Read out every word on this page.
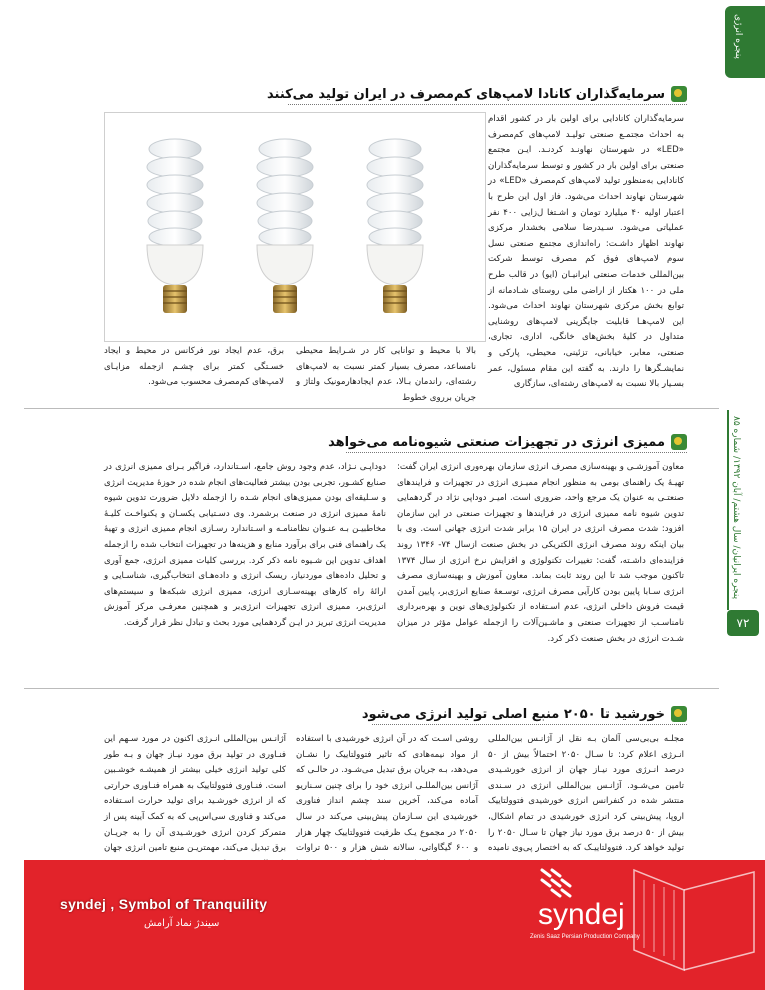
پنجره انرژی
پنجره ایرانیان/ سال هشتم/ آبان ۱۳۹۲/ شماره ۸۵
۷۲
سرمایه‌گذاران کانادا لامپ‌های کم‌مصرف در ایران تولید می‌کنند
سرمایه‌گذاران کانادایی برای اولین بار در کشور اقدام به احداث مجتمـع صنعتی تولیـد لامپ‌های کم‌مصرف «LED» در شهرستان نهاونـد کردنـد. ایـن مجتمع صنعتی برای اولین بار در کشور و توسط سرمایه‌گذاران کانادایی به‌منظور تولید لامپ‌های کم‌مصرف «LED» در شهرستان نهاوند احداث می‌شود. فاز اول این طرح با اعتبار اولیه ۴۰ میلیارد تومان و اشـتغا ل‌زایی ۴۰۰ نفر عملیاتی می‌شود. سـیدرضا سلامی بخشدار مرکزی نهاوند اظهار داشـت: راه‌اندازی مجتمع صنعتی نسل سوم لامپ‌های فوق کم مصرف توسط شرکت بین‌المللی خدمات صنعتی ایرانیـان (ایو) در قالب طرح ملی در ۱۰۰ هکتار از اراضی ملی روستای شـادمانه از توابع بخش مرکزی شهرستان نهاوند احداث می‌شود. این لامپ‌هـا قابلیت جایگزینی لامپ‌های روشنایی متداول در کلیهٔ بخش‌های خانگی، اداری، تجاری، صنعتی، معابر، خیابانی، تزئینی، محیطی، پارکی و نمایشـگرها را دارند. به گفته این مقام مسئول، عمر بسـیار بالا نسبت به لامپ‌های رشته‌ای، سازگاری
بالا با محیط و توانایی کار در شـرایط محیطی نامساعد، مصرف بسیار کمتر نسبت به لامپ‌های رشته‌ای، راندمان بـالا، عدم ایجادهارمونیک ولتاژ و جریان برروی خطوط
برق، عدم ایجاد نور فرکانس در محیط و ایجاد خسـتگی کمتر برای چشـم ازجمله مزایـای لامپ‌های کم‌مصرف محسوب می‌شود.
ممیزی انرژی در تجهیزات صنعتی شیوه‌نامه می‌خواهد
معاون آموزشـی و بهینه‌سازی مصرف انرژی سازمان بهره‌وری انرژی ایران گفت: تهیـهٔ یک راهنمای بومی به منظور انجام ممیـزی انرژی در تجهیزات و فرایندهای صنعتـی به عنوان یک مرجع واحد، ضروری است. امیـر دوداپی نژاد در گردهمایی تدوین شیوه نامه ممیزی انرژی در فرایندها و تجهیزات صنعتی در این سازمان افزود: شدت مصرف انرژی در ایران ۱۵ برابر شدت انرژی جهانی است. وی با بیان اینکه روند مصرف انرژی الکتریکی در بخش صنعت ازسال ۷۴- ۱۳۴۶ روند فزاینده‌ای داشـته، گفت: تغییرات تکنولوژی و افزایش نرخ انرژی از سال ۱۳۷۴ تاکنون موجب شد تا این روند ثابت بماند. معاون آموزش و بهینه‌سازی مصرف انرژی سـابا پایین بودن کارآیی مصرف انرژی، توسـعهٔ صنایع انرژی‌بر، پایین آمدن قیمت فروش داخلی انرژی، عدم اسـتفاده از تکنولوژی‌های نوین و بهره‌برداری نامناسـب از تجهیزات صنعتی و ماشـین‌آلات را ازجمله عوامل مؤثر در میزان شـدت انرژی در بخش صنعت ذکر کرد.
دوداپـی نـژاد، عدم وجود روش جامع، اسـتاندارد، فراگیر بـرای ممیزی انرژی در صنایع کشـور، تجربی بودن بیشتر فعالیت‌های انجام شده در حوزهٔ مدیریت انرژی و سـلیقه‌ای بودن ممیزی‌های انجام شـده را ازجمله دلایل ضرورت تدوین شیوه نامهٔ ممیزی انرژی در صنعت برشمرد. وی دسـتیابی یکسـان و یکنواخـت کلیـهٔ مخاطبیـن بـه عنـوان نظامنامـه و اسـتاندارد رسـازی انجام ممیزی انرژی و تهیهٔ یک راهنمای فنی برای برآورد منابع و هزینه‌ها در تجهیزات انتخاب شده را ازجمله اهداف تدوین این شـیوه نامه ذکر کرد. بررسی کلیات ممیزی انرژی، جمع آوری و تحلیل داده‌های موردنیاز، ریسک انرژی و داده‌هـای انتخاب‌گیری، شناسـایی و ارائهٔ راه کارهای بهینه‌سـازی انرژی، ممیزی انرژی شبکه‌ها و سیستم‌های انرژی‌بر، ممیزی انرژی تجهیزات انرژی‌بر و همچنین معرفـی مرکز آموزش مدیریت انرژی تبریز در ایـن گردهمایی مورد بحث و تبادل نظر قرار گرفت.
خورشید تا ۲۰۵۰ منبع اصلی تولید انرژی می‌شود
مجلـه بی‌بی‌سی آلمان بـه نقل از آژانـس بین‌المللی انـرژی اعلام کرد: تا سـال ۲۰۵۰ احتمالاً بیش از ۵۰ درصد انـرژی مورد نیـاز جهان از انرژی خورشـیدی تامین می‌شـود. آژانـس بین‌المللی انرژی در سـندی منتشر شده در کنفرانس انرژی خورشیدی فتوولتاییک اروپا، پیش‌بینی کرد انرژی خورشیدی در تمام اشکال، بیش از ۵۰ درصد برق مورد نیاز جهان تا سـال ۲۰۵۰ را تولید خواهد کرد. فتوولتاییـک که به اختصار پی‌وی نامیده
روشی اسـت که در آن انرژی خورشیدی با استفاده از مواد نیمه‌هادی که تاثیر فتوولتاییک را نشـان می‌دهد، بـه جریان برق تبدیل می‌شـود. در حالـی که آژانس بین‌المللـی انرژی خود را برای چنین سـناریو آماده می‌کند، آخرین سند چشم انداز فناوری خورشیدی این سـازمان پیش‌بینی می‌کند در سال ۲۰۵۰ در مجموع یـک ظرفیت فتوولتاییک چهار هزار و ۶۰۰ گیگاواتی، سالانه شش هزار و ۵۰۰ تراوات
آژانـس بین‌المللی انـرژی اکنون در مورد سـهم این فنـاوری در تولید برق مورد نیـاز جهان و بـه طور کلی تولید انرژی خیلی بیشتر از همیشـه خوشـبین است. فنـاوری فتوولتاییک به همراه فنـاوری حرارتی که از انرژی خورشـید برای تولید حرارت اسـتفاده می‌کند و فناوری سی‌اس‌پی که به کمک آیینه پس از متمرکز کردن انرژی خورشـیدی آن را به جریـان برق تبدیل می‌کند، مهمتریـن منبع تامین انرژی جهان
syndej , Symbol of Tranquility
سیندژ نماد آرامش	syndej
Zenis Saaz Persian Production Company
